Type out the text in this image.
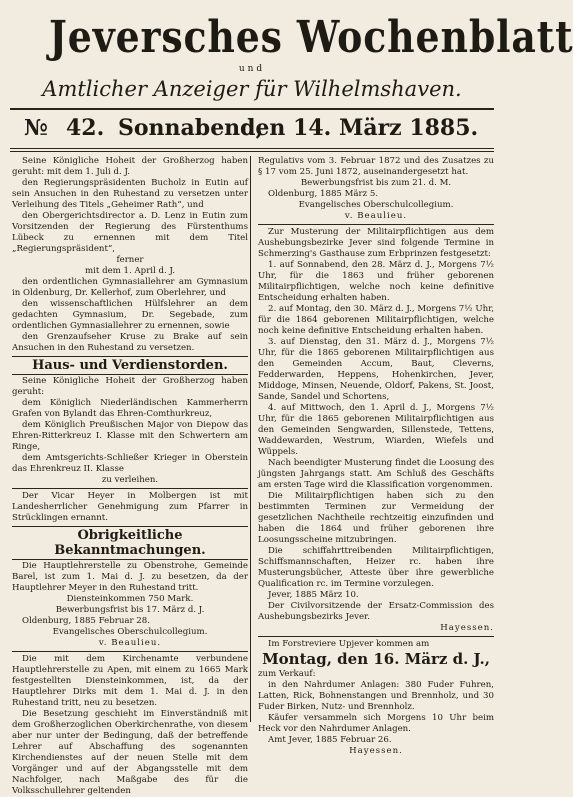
Jeversches Wochenblatt
und
Amtlicher Anzeiger für Wilhelmshaven.
№ 42. Sonnabend,
den 14. März 1885.

Seine Königliche Hoheit der Großherzog haben geruht: mit dem 1. Juli d. J.

den Regierungspräsidenten Bucholz in Eutin auf sein Ansuchen in den Ruhestand zu versetzen unter Verleihung des Titels „Geheimer Rath“, und

den Obergerichtsdirector a. D. Lenz in Eutin zum Vorsitzenden der Regierung des Fürstenthums Lübeck zu ernennen mit dem Titel „Regierungspräsident“,

ferner

mit dem 1. April d. J.

den ordentlichen Gymnasiallehrer am Gymnasium in Oldenburg, Dr. Kellerhof, zum Oberlehrer, und

den wissenschaftlichen Hülfslehrer an dem gedachten Gymnasium, Dr. Segebade, zum ordentlichen Gymnasiallehrer zu ernennen, sowie

den Grenzaufseher Kruse zu Brake auf sein Ansuchen in den Ruhestand zu versetzen.

Haus- und Verdienstorden.

Seine Königliche Hoheit der Großherzog haben geruht:

dem Königlich Niederländischen Kammerherrn Grafen von Bylandt das Ehren-Comthurkreuz,

dem Königlich Preußischen Major von Diepow das Ehren-Ritterkreuz I. Klasse mit den Schwertern am Ringe,

dem Amtsgerichts-Schließer Krieger in Oberstein das Ehrenkreuz II. Klasse

zu verleihen.

Der Vicar Heyer in Molbergen ist mit Landesherrlicher Genehmigung zum Pfarrer in Strücklingen ernannt.

Obrigkeitliche Bekanntmachungen.

Die Hauptlehrerstelle zu Obenstrohe, Gemeinde Barel, ist zum 1. Mai d. J. zu besetzen, da der Hauptlehrer Meyer in den Ruhestand tritt.

Diensteinkommen 750 Mark.

Bewerbungsfrist bis 17. März d. J.

Oldenburg, 1885 Februar 28.

Evangelisches Oberschulcollegium.

v. Beaulieu.

Die mit dem Kirchenamte verbundene Hauptlehrerstelle zu Apen, mit einem zu 1665 Mark festgestellten Diensteinkommen, ist, da der Hauptlehrer Dirks mit dem 1. Mai d. J. in den Ruhestand tritt, neu zu besetzen.

Die Besetzung geschieht im Einverständniß mit dem Großherzoglichen Oberkirchenrathe, von diesem aber nur unter der Bedingung, daß der betreffende Lehrer auf Abschaffung des sogenannten Kirchendienstes auf der neuen Stelle mit dem Vorgänger und auf der Abgangsstelle mit dem Nachfolger, nach Maßgabe des für die Volksschullehrer geltenden

Regulativs vom 3. Februar 1872 und des Zusatzes zu § 17 vom 25. Juni 1872, auseinandergesetzt hat.

Bewerbungsfrist bis zum 21. d. M.

Oldenburg, 1885 März 5.

Evangelisches Oberschulcollegium.

v. Beaulieu.

Zur Musterung der Militairpflichtigen aus dem Aushebungsbezirke Jever sind folgende Termine in Schmerzing's Gasthause zum Erbprinzen festgesetzt:

1. auf Sonnabend, den 28. März d. J., Morgens 7½ Uhr, für die 1863 und früher geborenen Militairpflichtigen, welche noch keine definitive Entscheidung erhalten haben.

2. auf Montag, den 30. März d. J., Morgens 7½ Uhr, für die 1864 geborenen Militairpflichtigen, welche noch keine definitive Entscheidung erhalten haben.

3. auf Dienstag, den 31. März d. J., Morgens 7½ Uhr, für die 1865 geborenen Militairpflichtigen aus den Gemeinden Accum, Baut, Cleverns, Fedderwarden, Heppens, Hohenkirchen, Jever, Middoge, Minsen, Neuende, Oldorf, Pakens, St. Joost, Sande, Sandel und Schortens,

4. auf Mittwoch, den 1. April d. J., Morgens 7½ Uhr, für die 1865 geborenen Militairpflichtigen aus den Gemeinden Sengwarden, Sillenstede, Tettens, Waddewarden, Westrum, Wiarden, Wiefels und Wüppels.

Nach beendigter Musterung findet die Loosung des jüngsten Jahrgangs statt. Am Schluß des Geschäfts am ersten Tage wird die Klassification vorgenommen.

Die Militairpflichtigen haben sich zu den bestimmten Terminen zur Vermeidung der gesetzlichen Nachtheile rechtzeitig einzufinden und haben die 1864 und früher geborenen ihre Loosungsscheine mitzubringen.

Die schiffahrttreibenden Militairpflichtigen, Schiffsmannschaften, Heizer rc. haben ihre Musterungsbücher, Atteste über ihre gewerbliche Qualification rc. im Termine vorzulegen.

Jever, 1885 März 10.

Der Civilvorsitzende der Ersatz-Commission des Aushebungsbezirks Jever.

Hayessen.

Im Forstreviere Upjever kommen am

Montag, den 16. März d. J.,

zum Verkauf:

in den Nahrdumer Anlagen: 380 Fuder Fuhren, Latten, Rick, Bohnenstangen und Brennholz, und 30 Fuder Birken, Nutz- und Brennholz.

Käufer versammeln sich Morgens 10 Uhr beim Heck vor den Nahrdumer Anlagen.

Amt Jever, 1885 Februar 26.

Hayessen.
